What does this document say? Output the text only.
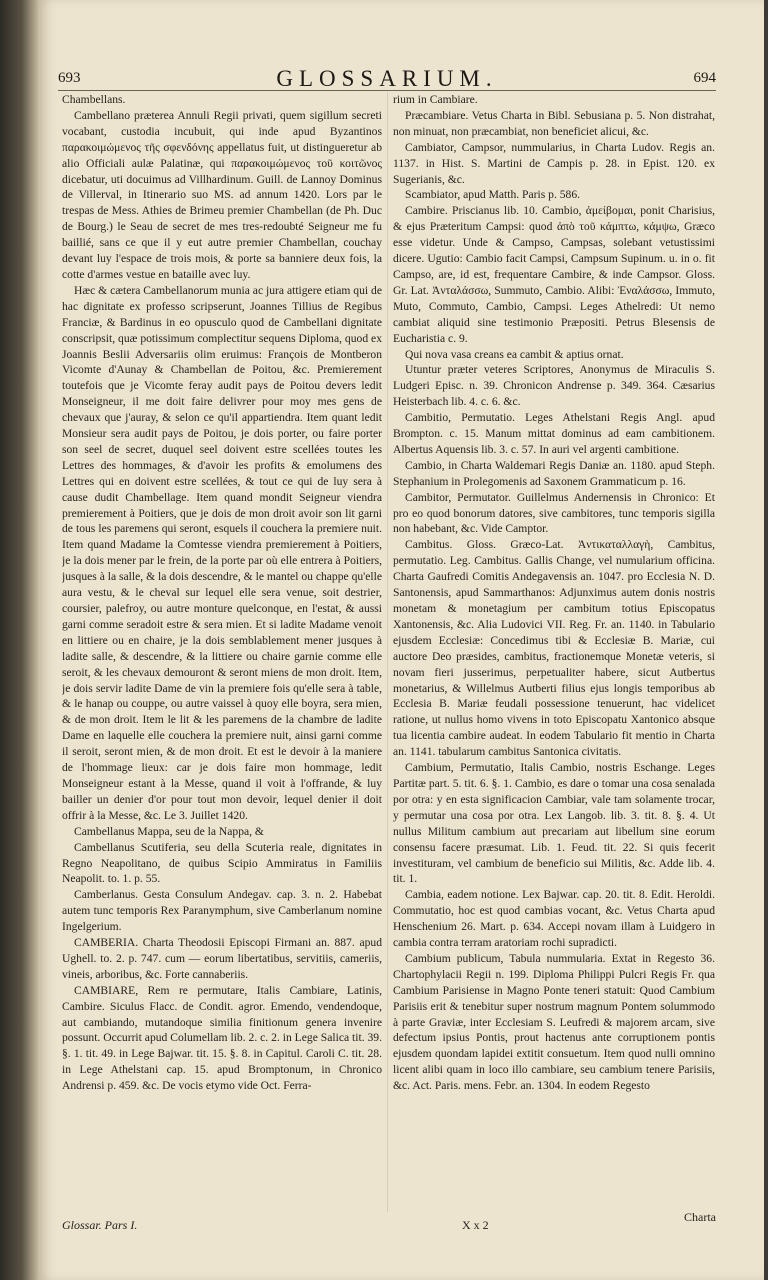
693	GLOSSARIUM.	694

Chambellans.

Cambellano præterea Annuli Regii privati, quem sigillum secreti vocabant, custodia incubuit, qui inde apud Byzantinos παρακοιμώμενος τῆς σφενδόνης appellatus fuit, ut distingueretur ab alio Officiali aulæ Palatinæ, qui παρακοιμώμενος τοῦ κοιτῶνος dicebatur, uti docuimus ad Villhardinum. Guill. de Lannoy Dominus de Villerval, in Itinerario suo MS. ad annum 1420. Lors par le trespas de Mess. Athies de Brimeu premier Chambellan (de Ph. Duc de Bourg.) le Seau de secret de mes tres-redoubté Seigneur me fu baillié, sans ce que il y eut autre premier Chambellan, couchay devant luy l'espace de trois mois, & porte sa banniere deux fois, la cotte d'armes vestue en bataille avec luy.

Hæc & cætera Cambellanorum munia ac jura attigere etiam qui de hac dignitate ex professo scripserunt, Joannes Tillius de Regibus Franciæ, & Bardinus in eo opusculo quod de Cambellani dignitate conscripsit, quæ potissimum complectitur sequens Diploma, quod ex Joannis Beslii Adversariis olim eruimus: François de Montberon Vicomte d'Aunay & Chambellan de Poitou, &c. Premierement toutefois que je Vicomte feray audit pays de Poitou devers ledit Monseigneur, il me doit faire delivrer pour moy mes gens de chevaux que j'auray, & selon ce qu'il appartiendra. Item quant ledit Monsieur sera audit pays de Poitou, je dois porter, ou faire porter son seel de secret, duquel seel doivent estre scellées toutes les Lettres des hommages, & d'avoir les profits & emolumens des Lettres qui en doivent estre scellées, & tout ce qui de luy sera à cause dudit Chambellage. Item quand mondit Seigneur viendra premierement à Poitiers, que je dois de mon droit avoir son lit garni de tous les paremens qui seront, esquels il couchera la premiere nuit. Item quand Madame la Comtesse viendra premierement à Poitiers, je la dois mener par le frein, de la porte par où elle entrera à Poitiers, jusques à la salle, & la dois descendre, & le mantel ou chappe qu'elle aura vestu, & le cheval sur lequel elle sera venue, soit destrier, coursier, palefroy, ou autre monture quelconque, en l'estat, & aussi garni comme seradoit estre & sera mien. Et si ladite Madame venoit en littiere ou en chaire, je la dois semblablement mener jusques à ladite salle, & descendre, & la littiere ou chaire garnie comme elle seroit, & les chevaux demouront & seront miens de mon droit. Item, je dois servir ladite Dame de vin la premiere fois qu'elle sera à table, & le hanap ou couppe, ou autre vaissel à quoy elle boyra, sera mien, & de mon droit. Item le lit & les paremens de la chambre de ladite Dame en laquelle elle couchera la premiere nuit, ainsi garni comme il seroit, seront mien, & de mon droit. Et est le devoir à la maniere de l'hommage lieux: car je dois faire mon hommage, ledit Monseigneur estant à la Messe, quand il voit à l'offrande, & luy bailler un denier d'or pour tout mon devoir, lequel denier il doit offrir à la Messe, &c. Le 3. Juillet 1420.

Cambellanus Mappa, seu de la Nappa, &

Cambellanus Scutiferia, seu della Scuteria reale, dignitates in Regno Neapolitano, de quibus Scipio Ammiratus in Familiis Neapolit. to. 1. p. 55.

Camberlanus. Gesta Consulum Andegav. cap. 3. n. 2. Habebat autem tunc temporis Rex Paranymphum, sive Camberlanum nomine Ingelgerium.

CAMBERIA. Charta Theodosii Episcopi Firmani an. 887. apud Ughell. to. 2. p. 747. cum — eorum libertatibus, servitiis, cameriis, vineis, arboribus, &c. Forte cannaberiis.

CAMBIARE, Rem re permutare, Italis Cambiare, Latinis, Cambire. Siculus Flacc. de Condit. agror. Emendo, vendendoque, aut cambiando, mutandoque similia finitionum genera invenire possunt. Occurrit apud Columellam lib. 2. c. 2. in Lege Salica tit. 39. §. 1. tit. 49. in Lege Bajwar. tit. 15. §. 8. in Capitul. Caroli C. tit. 28. in Lege Athelstani cap. 15. apud Bromptonum, in Chronico Andrensi p. 459. &c. De vocis etymo vide Oct. Ferra-

rium in Cambiare.

Præcambiare. Vetus Charta in Bibl. Sebusiana p. 5. Non distrahat, non minuat, non præcambiat, non beneficiet alicui, &c.

Cambiator, Campsor, nummularius, in Charta Ludov. Regis an. 1137. in Hist. S. Martini de Campis p. 28. in Epist. 120. ex Sugerianis, &c.

Scambiator, apud Matth. Paris p. 586.

Cambire. Priscianus lib. 10. Cambio, ἀμείβομαι, ponit Charisius, & ejus Præteritum Campsi: quod ἀπὸ τοῦ κάμπτω, κάμψω, Græco esse videtur. Unde & Campso, Campsas, solebant vetustissimi dicere. Ugutio: Cambio facit Campsi, Campsum Supinum. u. in o. fit Campso, are, id est, frequentare Cambire, & inde Campsor. Gloss. Gr. Lat. Ἀνταλάσσω, Summuto, Cambio. Alibi: Ἐναλάσσω, Immuto, Muto, Commuto, Cambio, Campsi. Leges Athelredi: Ut nemo cambiat aliquid sine testimonio Præpositi. Petrus Blesensis de Eucharistia c. 9.

Qui nova vasa creans ea cambit & aptius ornat.

Utuntur præter veteres Scriptores, Anonymus de Miraculis S. Ludgeri Episc. n. 39. Chronicon Andrense p. 349. 364. Cæsarius Heisterbach lib. 4. c. 6. &c.

Cambitio, Permutatio. Leges Athelstani Regis Angl. apud Brompton. c. 15. Manum mittat dominus ad eam cambitionem. Albertus Aquensis lib. 3. c. 57. In auri vel argenti cambitione.

Cambio, in Charta Waldemari Regis Daniæ an. 1180. apud Steph. Stephanium in Prolegomenis ad Saxonem Grammaticum p. 16.

Cambitor, Permutator. Guillelmus Andernensis in Chronico: Et pro eo quod bonorum datores, sive cambitores, tunc temporis sigilla non habebant, &c. Vide Camptor.

Cambitus. Gloss. Græco-Lat. Ἀντικαταλλαγὴ, Cambitus, permutatio. Leg. Cambitus. Gallis Change, vel numularium officina. Charta Gaufredi Comitis Andegavensis an. 1047. pro Ecclesia N. D. Santonensis, apud Sammarthanos: Adjunximus autem donis nostris monetam & monetagium per cambitum totius Episcopatus Xantonensis, &c. Alia Ludovici VII. Reg. Fr. an. 1140. in Tabulario ejusdem Ecclesiæ: Concedimus tibi & Ecclesiæ B. Mariæ, cui auctore Deo præsides, cambitus, fractionemque Monetæ veteris, si novam fieri jusserimus, perpetualiter habere, sicut Autbertus monetarius, & Willelmus Autberti filius ejus longis temporibus ab Ecclesia B. Mariæ feudali possessione tenuerunt, hac videlicet ratione, ut nullus homo vivens in toto Episcopatu Xantonico absque tua licentia cambire audeat. In eodem Tabulario fit mentio in Charta an. 1141. tabularum cambitus Santonica civitatis.

Cambium, Permutatio, Italis Cambio, nostris Eschange. Leges Partitæ part. 5. tit. 6. §. 1. Cambio, es dare o tomar una cosa senalada por otra: y en esta significacion Cambiar, vale tam solamente trocar, y permutar una cosa por otra. Lex Langob. lib. 3. tit. 8. §. 4. Ut nullus Militum cambium aut precariam aut libellum sine eorum consensu facere præsumat. Lib. 1. Feud. tit. 22. Si quis fecerit investituram, vel cambium de beneficio sui Militis, &c. Adde lib. 4. tit. 1.

Cambia, eadem notione. Lex Bajwar. cap. 20. tit. 8. Edit. Heroldi. Commutatio, hoc est quod cambias vocant, &c. Vetus Charta apud Henschenium 26. Mart. p. 634. Accepi novam illam à Luidgero in cambia contra terram aratoriam rochi supradicti.

Cambium publicum, Tabula nummularia. Extat in Regesto 36. Chartophylacii Regii n. 199. Diploma Philippi Pulcri Regis Fr. qua Cambium Parisiense in Magno Ponte teneri statuit: Quod Cambium Parisiis erit & tenebitur super nostrum magnum Pontem solummodo à parte Graviæ, inter Ecclesiam S. Leufredi & majorem arcam, sive defectum ipsius Pontis, prout hactenus ante corruptionem pontis ejusdem quondam lapidei extitit consuetum. Item quod nulli omnino licent alibi quam in loco illo cambiare, seu cambium tenere Parisiis, &c. Act. Paris. mens. Febr. an. 1304. In eodem Regesto

Glossar. Pars I.	X x 2
Charta
